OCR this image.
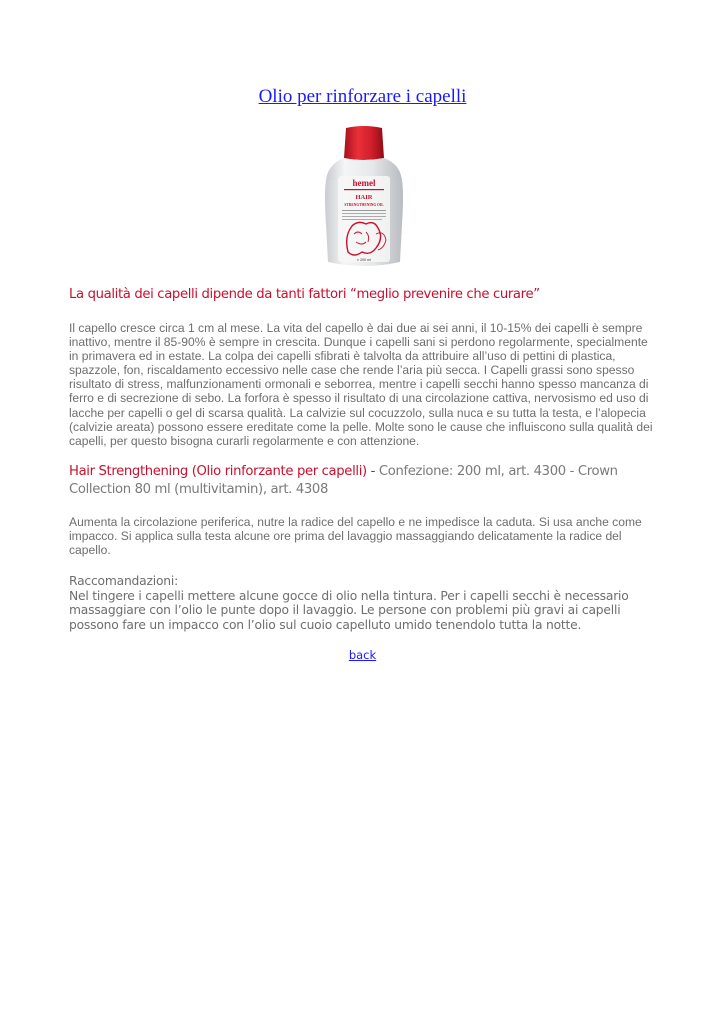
Olio per rinforzare i capelli
hemel
HAIR
STRENGTHENING OIL
℮ 200 ml
La qualità dei capelli dipende da tanti fattori “meglio prevenire che curare”

Il capello cresce circa 1 cm al mese. La vita del capello è dai due ai sei anni, il 10-15% dei capelli è sempre inattivo, mentre il 85-90% è sempre in crescita. Dunque i capelli sani si perdono regolarmente, specialmente in primavera ed in estate. La colpa dei capelli sfibrati è talvolta da attribuire all’uso di pettini di plastica, spazzole, fon, riscaldamento eccessivo nelle case che rende l’aria più secca. I Capelli grassi sono spesso risultato di stress, malfunzionamenti ormonali e seborrea, mentre i capelli secchi hanno spesso mancanza di ferro e di secrezione di sebo. La forfora è spesso il risultato di una circolazione cattiva, nervosismo ed uso di lacche per capelli o gel di scarsa qualità. La calvizie sul cocuzzolo, sulla nuca e su tutta la testa, e l’alopecia (calvizie areata) possono essere ereditate come la pelle. Molte sono le cause che influiscono sulla qualità dei capelli, per questo bisogna curarli regolarmente e con attenzione.

Hair Strengthening (Olio rinforzante per capelli) - Confezione: 200 ml, art. 4300 - Crown Collection 80 ml (multivitamin), art. 4308

Aumenta la circolazione periferica, nutre la radice del capello e ne impedisce la caduta. Si usa anche come impacco. Si applica sulla testa alcune ore prima del lavaggio massaggiando delicatamente la radice del capello.

Raccomandazioni:
Nel tingere i capelli mettere alcune gocce di olio nella tintura. Per i capelli secchi è necessario massaggiare con l’olio le punte dopo il lavaggio. Le persone con problemi più gravi ai capelli possono fare un impacco con l’olio sul cuoio capelluto umido tenendolo tutta la notte.
back
